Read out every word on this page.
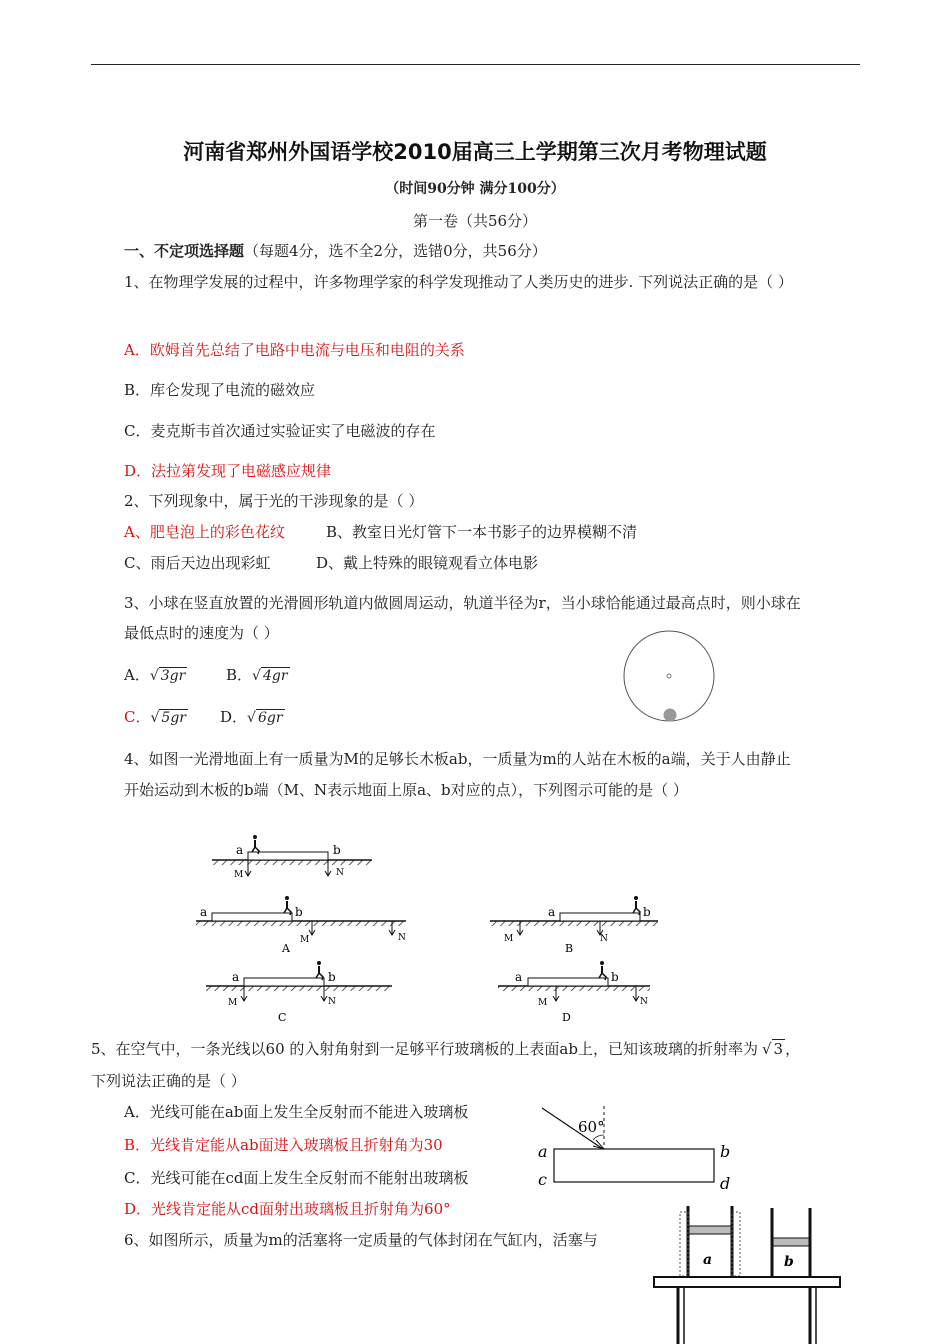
河南省郑州外国语学校2010届高三上学期第三次月考物理试题
（时间90分钟 满分100分）
第一卷（共56分）
一、不定项选择题（每题4分，选不全2分，选错0分，共56分）
1、在物理学发展的过程中，许多物理学家的科学发现推动了人类历史的进步. 下列说法正确的是（ ）
A．欧姆首先总结了电路中电流与电压和电阻的关系
B．库仑发现了电流的磁效应
C．麦克斯韦首次通过实验证实了电磁波的存在
D．法拉第发现了电磁感应规律
2、下列现象中，属于光的干涉现象的是（ ）
A、肥皂泡上的彩色花纹	B、教室日光灯管下一本书影子的边界模糊不清
C、雨后天边出现彩虹	D、戴上特殊的眼镜观看立体电影
3、小球在竖直放置的光滑圆形轨道内做圆周运动，轨道半径为r，当小球恰能通过最高点时，则小球在
最低点时的速度为（ ）
A．√ 3gr	B．√ 4gr
C．√ 5gr D．√ 6gr
4、如图一光滑地面上有一质量为M的足够长木板ab，一质量为m的人站在木板的a端，关于人由静止
开始运动到木板的b端（M、N表示地面上原a、b对应的点），下列图示可能的是（ ）
a	b
M	N
a	b
M	N
A
a	b
M	N
B
a	b
M	N
C
a	b
M	N
D
5、在空气中，一条光线以60 的入射角射到一足够平行玻璃板的上表面ab上，已知该玻璃的折射率为 √ 3 ，
下列说法正确的是（ ）
A．光线可能在ab面上发生全反射而不能进入玻璃板
B．光线肯定能从ab面进入玻璃板且折射角为30
C．光线可能在cd面上发生全反射而不能射出玻璃板
D．光线肯定能从cd面射出玻璃板且折射角为60°
60°
a	b
c	d
6、如图所示，质量为m的活塞将一定质量的气体封闭在气缸内，活塞与
a	b
